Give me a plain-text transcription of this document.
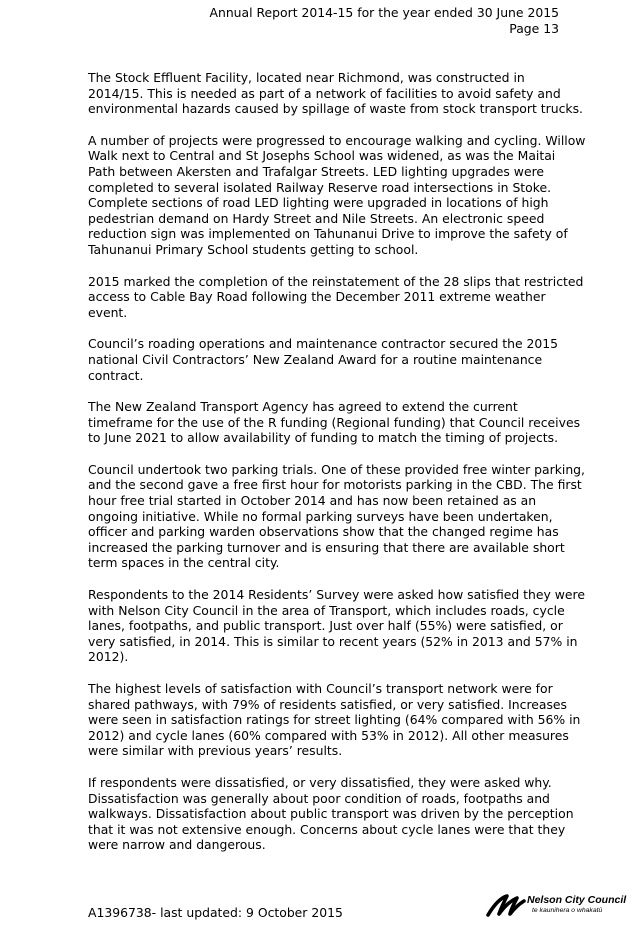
Annual Report 2014-15 for the year ended 30 June 2015
Page 13

The Stock Effluent Facility, located near Richmond, was constructed in
2014/15. This is needed as part of a network of facilities to avoid safety and
environmental hazards caused by spillage of waste from stock transport trucks.

A number of projects were progressed to encourage walking and cycling. Willow
Walk next to Central and St Josephs School was widened, as was the Maitai
Path between Akersten and Trafalgar Streets. LED lighting upgrades were
completed to several isolated Railway Reserve road intersections in Stoke.
Complete sections of road LED lighting were upgraded in locations of high
pedestrian demand on Hardy Street and Nile Streets. An electronic speed
reduction sign was implemented on Tahunanui Drive to improve the safety of
Tahunanui Primary School students getting to school.

2015 marked the completion of the reinstatement of the 28 slips that restricted
access to Cable Bay Road following the December 2011 extreme weather
event.

Council’s roading operations and maintenance contractor secured the 2015
national Civil Contractors’ New Zealand Award for a routine maintenance
contract.

The New Zealand Transport Agency has agreed to extend the current
timeframe for the use of the R funding (Regional funding) that Council receives
to June 2021 to allow availability of funding to match the timing of projects.

Council undertook two parking trials. One of these provided free winter parking,
and the second gave a free first hour for motorists parking in the CBD. The first
hour free trial started in October 2014 and has now been retained as an
ongoing initiative. While no formal parking surveys have been undertaken,
officer and parking warden observations show that the changed regime has
increased the parking turnover and is ensuring that there are available short
term spaces in the central city.

Respondents to the 2014 Residents’ Survey were asked how satisfied they were
with Nelson City Council in the area of Transport, which includes roads, cycle
lanes, footpaths, and public transport. Just over half (55%) were satisfied, or
very satisfied, in 2014. This is similar to recent years (52% in 2013 and 57% in
2012).

The highest levels of satisfaction with Council’s transport network were for
shared pathways, with 79% of residents satisfied, or very satisfied. Increases
were seen in satisfaction ratings for street lighting (64% compared with 56% in
2012) and cycle lanes (60% compared with 53% in 2012). All other measures
were similar with previous years’ results.

If respondents were dissatisfied, or very dissatisfied, they were asked why.
Dissatisfaction was generally about poor condition of roads, footpaths and
walkways. Dissatisfaction about public transport was driven by the perception
that it was not extensive enough. Concerns about cycle lanes were that they
were narrow and dangerous.

A1396738- last updated: 9 October 2015
Nelson City Council
te kaunihera o whakatū
